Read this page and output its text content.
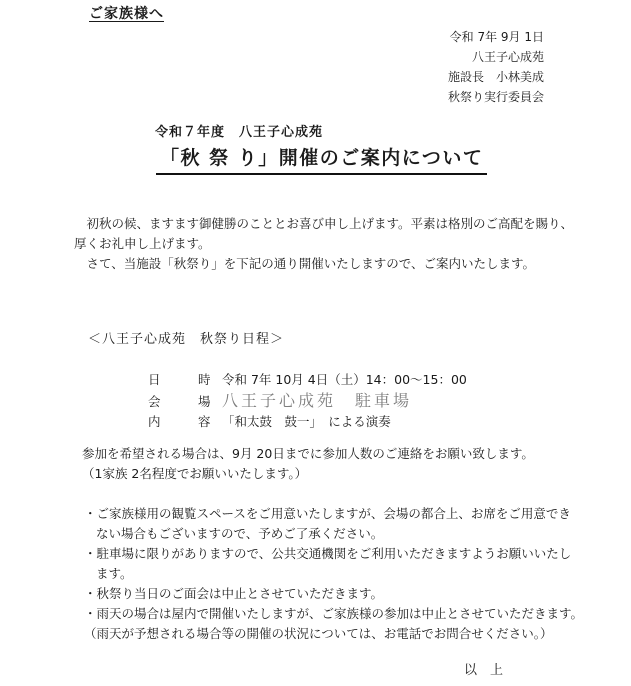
ご家族様へ
令和 7年 9月 1日
八王子心成苑
施設長　小林美成
秋祭り実行委員会
令和７年度　八王子心成苑
「秋 祭 り」開催のご案内について
　初秋の候、ますます御健勝のこととお喜び申し上げます。平素は格別のご高配を賜り、
厚くお礼申し上げます。
　さて、当施設「秋祭り」を下記の通り開催いたしますので、ご案内いたします。
＜八王子心成苑　秋祭り日程＞
日	時 令和 7年 10月 4日（土）14：00～15：00
会	場 八王子心成苑　駐車場
内	容 「和太鼓　鼓一」　による演奏
参加を希望される場合は、9月 20日までに参加人数のご連絡をお願い致します。
（1家族 2名程度でお願いいたします。）
・ご家族様用の観覧スペースをご用意いたしますが、会場の都合上、お席をご用意でき
ない場合もございますので、予めご了承ください。
・駐車場に限りがありますので、公共交通機関をご利用いただきますようお願いいたし
ます。
・秋祭り当日のご面会は中止とさせていただきます。
・雨天の場合は屋内で開催いたしますが、ご家族様の参加は中止とさせていただきます。
（雨天が予想される場合等の開催の状況については、お電話でお問合せください。）
以　上
